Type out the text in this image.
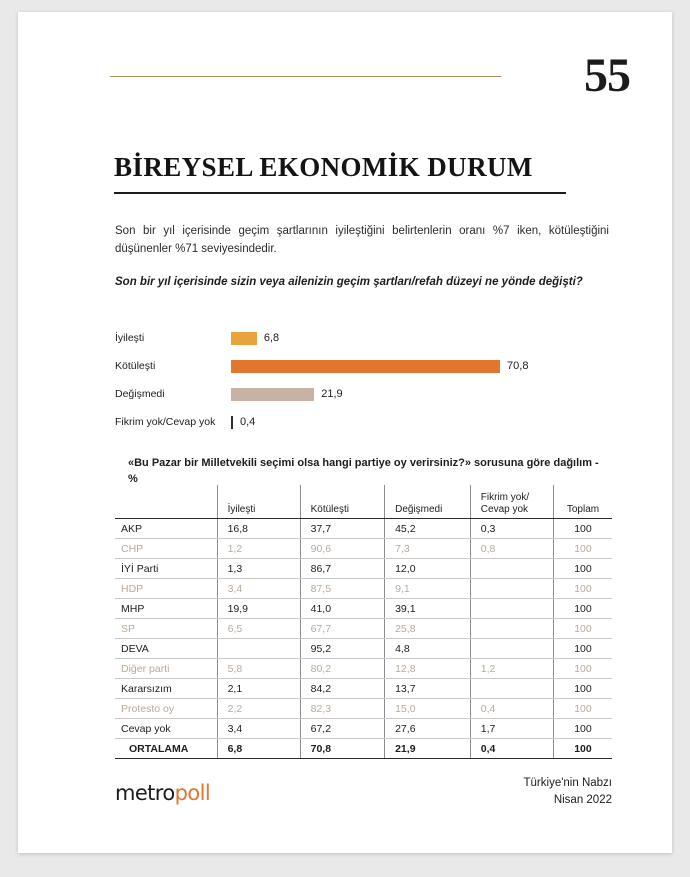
55
BİREYSEL EKONOMİK DURUM
Son bir yıl içerisinde geçim şartlarının iyileştiğini belirtenlerin oranı %7 iken, kötüleştiğini düşünenler %71 seviyesindedir.
Son bir yıl içerisinde sizin veya ailenizin geçim şartları/refah düzeyi ne yönde değişti?
İyileşti	6,8
Kötüleşti	70,8
Değişmedi	21,9
Fikrim yok/Cevap yok	0,4
«Bu Pazar bir Milletvekili seçimi olsa hangi partiye oy verirsiniz?» sorusuna göre dağılım - %
	İyileşti	Kötüleşti	Değişmedi	Fikrim yok/ Cevap yok	Toplam
AKP	16,8	37,7	45,2	0,3	100
CHP	1,2	90,6	7,3	0,8	100
İYİ Parti	1,3	86,7	12,0		100
HDP	3,4	87,5	9,1		100
MHP	19,9	41,0	39,1		100
SP	6,5	67,7	25,8		100
DEVA		95,2	4,8		100
Diğer parti	5,8	80,2	12,8	1,2	100
Kararsızım	2,1	84,2	13,7		100
Protesto oy	2,2	82,3	15,0	0,4	100
Cevap yok	3,4	67,2	27,6	1,7	100
ORTALAMA	6,8	70,8	21,9	0,4	100
metropoll	Türkiye'nin Nabzı
Nisan 2022
